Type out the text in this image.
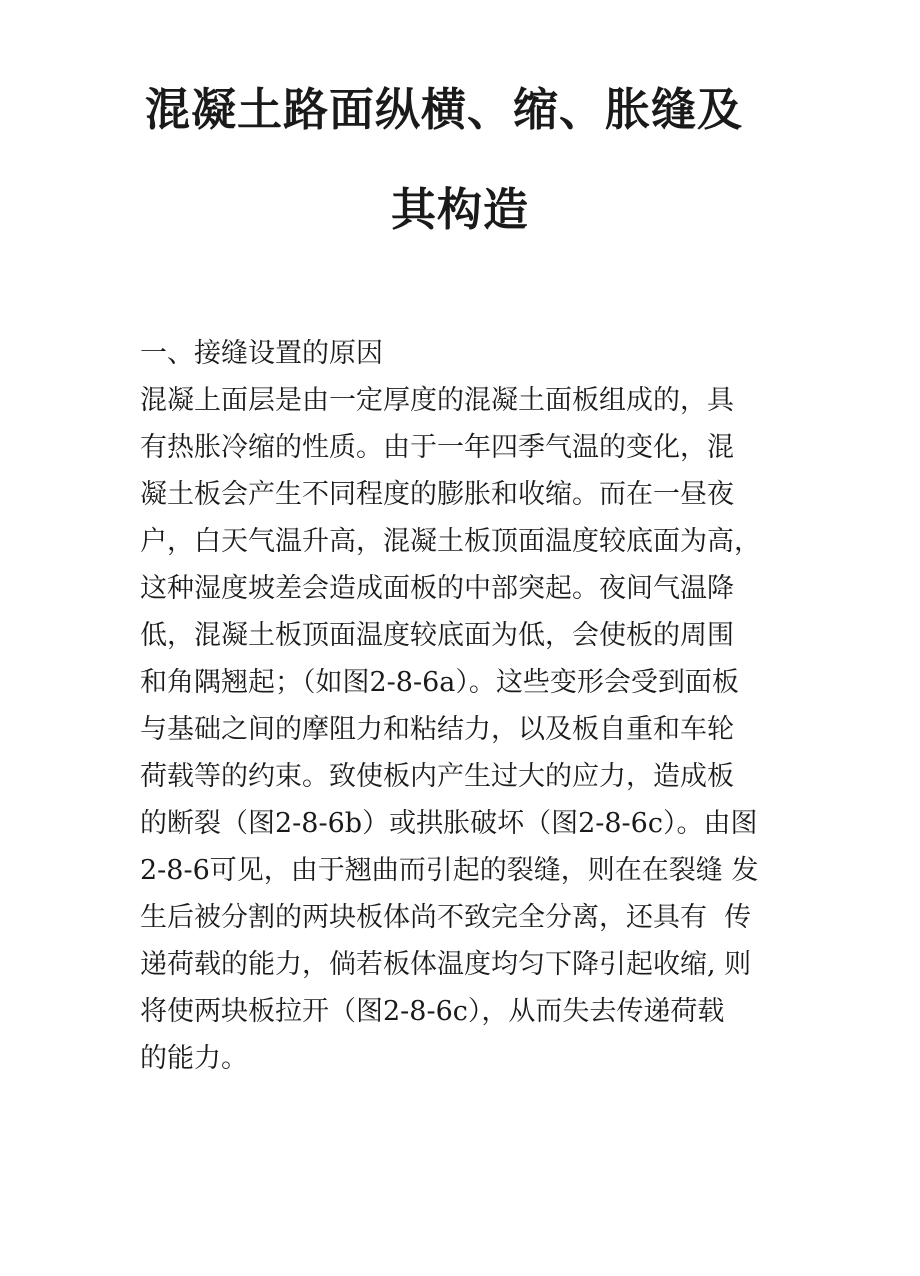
混凝土路面纵横、缩、胀缝及
其构造
一、接缝设置的原因
混凝上面层是由一定厚度的混凝土面板组成的，具
有热胀冷缩的性质。由于一年四季气温的变化，混
凝土板会产生不同程度的膨胀和收缩。而在一昼夜
户，白天气温升高，混凝土板顶面温度较底面为高，
这种湿度坡差会造成面板的中部突起。夜间气温降
低，混凝土板顶面温度较底面为低，会使板的周围
和角隅翘起；（如图2-8-6a）。这些变形会受到面板
与基础之间的摩阻力和粘结力，以及板自重和车轮
荷载等的约束。致使板内产生过大的应力，造成板
的断裂（图2-8-6b）或拱胀破坏（图2-8-6c）。由图
2-8-6可见，由于翘曲而引起的裂缝，则在在裂缝 发
生后被分割的两块板体尚不致完全分离，还具有  传
递荷载的能力，倘若板体温度均匀下降引起收缩, 则
将使两块板拉开（图2-8-6c），从而失去传递荷载
的能力。
